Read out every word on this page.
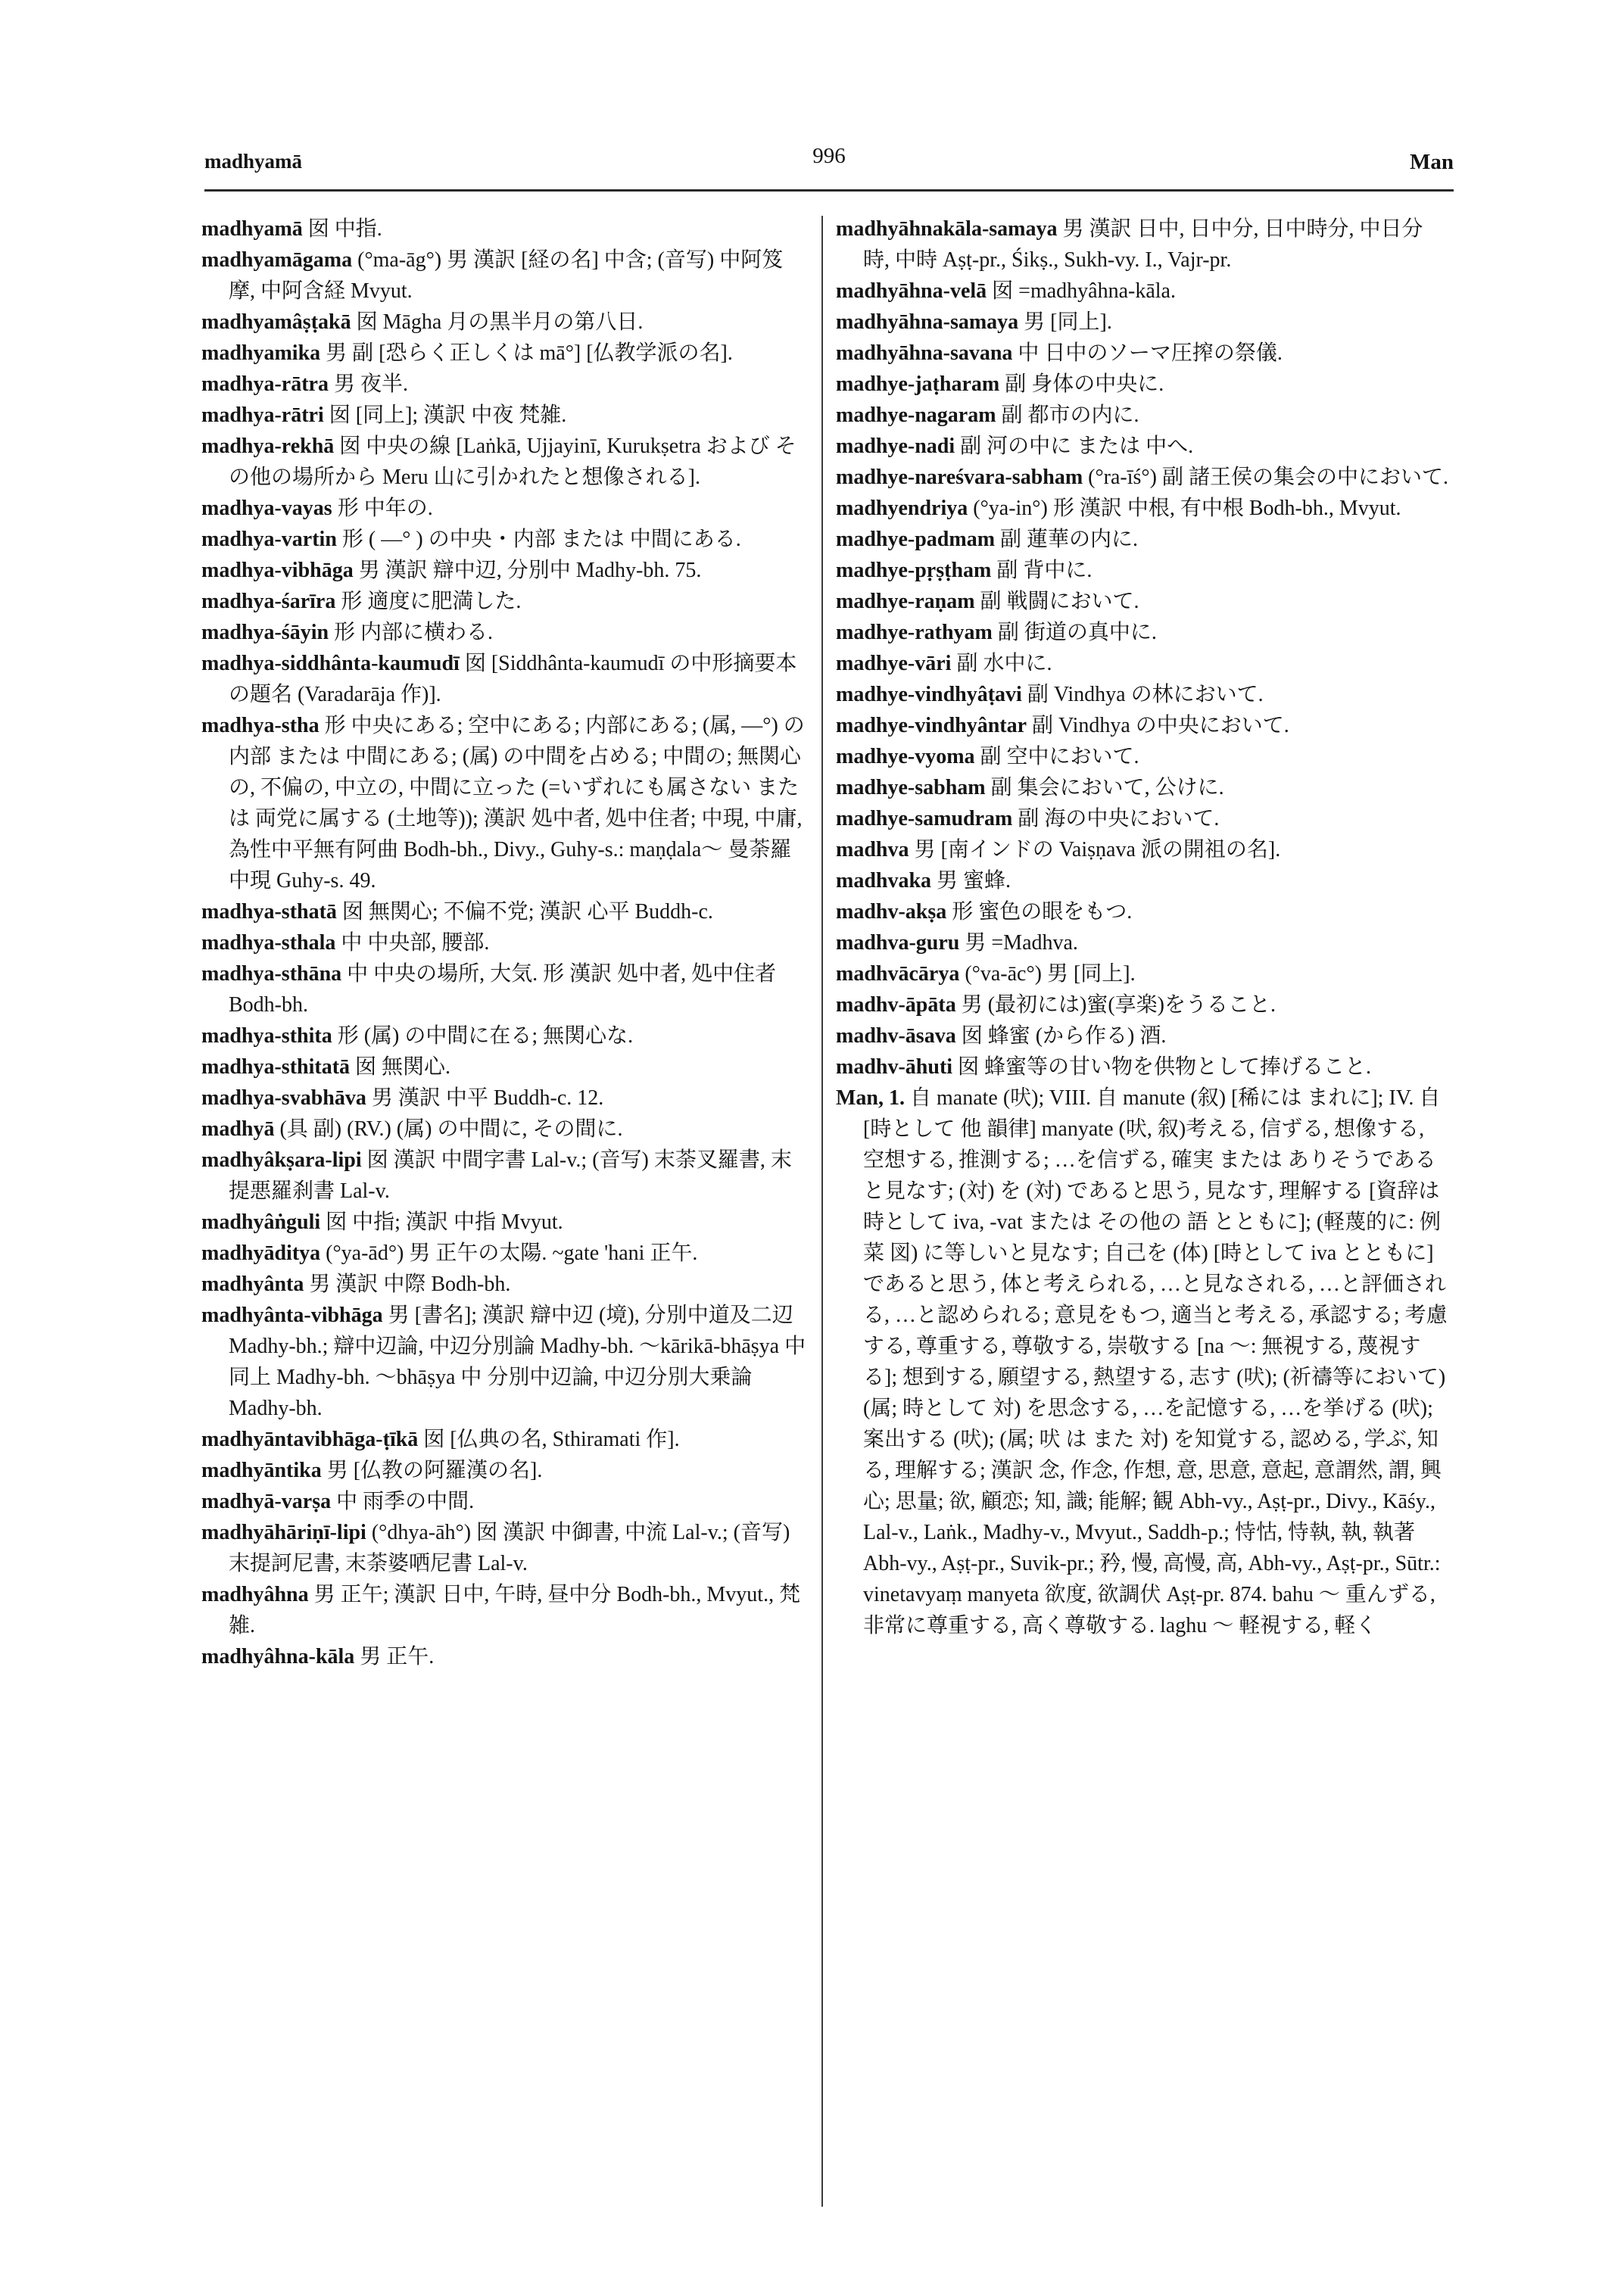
madhyamā	996	Man

madhyamā 囡 中指.

madhyamāgama (°ma-āg°) 男 漢訳 [経の名] 中含; (音写) 中阿笈摩, 中阿含経 Mvyut.

madhyamâṣṭakā 囡 Māgha 月の黒半月の第八日.

madhyamika 男 副 [恐らく正しくは mā°] [仏教学派の名].

madhya-rātra 男 夜半.

madhya-rātri 囡 [同上]; 漢訳 中夜 梵雑.

madhya-rekhā 囡 中央の線 [Laṅkā, Ujjayinī, Kurukṣetra および その他の場所から Meru 山に引かれたと想像される].

madhya-vayas 形 中年の.

madhya-vartin 形 ( —° ) の中央・内部 または 中間にある.

madhya-vibhāga 男 漢訳 辯中辺, 分別中 Madhy-bh. 75.

madhya-śarīra 形 適度に肥満した.

madhya-śāyin 形 内部に横わる.

madhya-siddhânta-kaumudī 囡 [Siddhânta-kaumudī の中形摘要本の題名 (Varadarāja 作)].

madhya-stha 形 中央にある; 空中にある; 内部にある; (属, —°) の内部 または 中間にある; (属) の中間を占める; 中間の; 無関心の, 不偏の, 中立の, 中間に立った (=いずれにも属さない または 両党に属する (土地等)); 漢訳 処中者, 処中住者; 中現, 中庸, 為性中平無有阿曲 Bodh-bh., Divy., Guhy-s.: maṇḍala～ 曼荼羅中現 Guhy-s. 49.

madhya-sthatā 囡 無関心; 不偏不党; 漢訳 心平 Buddh-c.

madhya-sthala 中 中央部, 腰部.

madhya-sthāna 中 中央の場所, 大気. 形 漢訳 処中者, 処中住者 Bodh-bh.

madhya-sthita 形 (属) の中間に在る; 無関心な.

madhya-sthitatā 囡 無関心.

madhya-svabhāva 男 漢訳 中平 Buddh-c. 12.

madhyā (具 副) (RV.) (属) の中間に, その間に.

madhyâkṣara-lipi 囡 漢訳 中間字書 Lal-v.; (音写) 末荼叉羅書, 末提悪羅刹書 Lal-v.

madhyâṅguli 囡 中指; 漢訳 中指 Mvyut.

madhyāditya (°ya-ād°) 男 正午の太陽. ~gate 'hani 正午.

madhyânta 男 漢訳 中際 Bodh-bh.

madhyânta-vibhāga 男 [書名]; 漢訳 辯中辺 (境), 分別中道及二辺 Madhy-bh.; 辯中辺論, 中辺分別論 Madhy-bh. ～kārikā-bhāṣya 中 同上 Madhy-bh. ～bhāṣya 中 分別中辺論, 中辺分別大乗論 Madhy-bh.

madhyāntavibhāga-ṭīkā 囡 [仏典の名, Sthiramati 作].

madhyāntika 男 [仏教の阿羅漢の名].

madhyā-varṣa 中 雨季の中間.

madhyāhāriṇī-lipi (°dhya-āh°) 囡 漢訳 中御書, 中流 Lal-v.; (音写) 末提訶尼書, 末荼婆哂尼書 Lal-v.

madhyâhna 男 正午; 漢訳 日中, 午時, 昼中分 Bodh-bh., Mvyut., 梵雑.

madhyâhna-kāla 男 正午.

madhyāhnakāla-samaya 男 漢訳 日中, 日中分, 日中時分, 中日分時, 中時 Aṣṭ-pr., Śikṣ., Sukh-vy. I., Vajr-pr.

madhyāhna-velā 囡 =madhyâhna-kāla.

madhyāhna-samaya 男 [同上].

madhyāhna-savana 中 日中のソーマ圧搾の祭儀.

madhye-jaṭharam 副 身体の中央に.

madhye-nagaram 副 都市の内に.

madhye-nadi 副 河の中に または 中へ.

madhye-nareśvara-sabham (°ra-īś°) 副 諸王侯の集会の中において.

madhyendriya (°ya-in°) 形 漢訳 中根, 有中根 Bodh-bh., Mvyut.

madhye-padmam 副 蓮華の内に.

madhye-pṛṣṭham 副 背中に.

madhye-raṇam 副 戦闘において.

madhye-rathyam 副 街道の真中に.

madhye-vāri 副 水中に.

madhye-vindhyâṭavi 副 Vindhya の林において.

madhye-vindhyântar 副 Vindhya の中央において.

madhye-vyoma 副 空中において.

madhye-sabham 副 集会において, 公けに.

madhye-samudram 副 海の中央において.

madhva 男 [南インドの Vaiṣṇava 派の開祖の名].

madhvaka 男 蜜蜂.

madhv-akṣa 形 蜜色の眼をもつ.

madhva-guru 男 =Madhva.

madhvācārya (°va-āc°) 男 [同上].

madhv-āpāta 男 (最初には)蜜(享楽)をうること.

madhv-āsava 囡 蜂蜜 (から作る) 酒.

madhv-āhuti 囡 蜂蜜等の甘い物を供物として捧げること.

Man, 1. 自 manate (吠); VIII. 自 manute (叙) [稀には まれに]; IV. 自 [時として 他 韻律] manyate (吠, 叙)考える, 信ずる, 想像する, 空想する, 推測する; …を信ずる, 確実 または ありそうであると見なす; (対) を (対) であると思う, 見なす, 理解する [資辞は 時として iva, -vat または その他の 語 とともに]; (軽蔑的に: 例 菜 図) に等しいと見なす; 自己を (体) [時として iva とともに] であると思う, 体と考えられる, …と見なされる, …と評価される, …と認められる; 意見をもつ, 適当と考える, 承認する; 考慮する, 尊重する, 尊敬する, 崇敬する [na ～: 無視する, 蔑視する]; 想到する, 願望する, 熱望する, 志す (吠); (祈禱等において) (属; 時として 対) を思念する, …を記憶する, …を挙げる (吠); 案出する (吠); (属; 吠 は また 対) を知覚する, 認める, 学ぶ, 知る, 理解する; 漢訳 念, 作念, 作想, 意, 思意, 意起, 意謂然, 謂, 興心; 思量; 欲, 顧恋; 知, 識; 能解; 観 Abh-vy., Aṣṭ-pr., Divy., Kāśy., Lal-v., Laṅk., Madhy-v., Mvyut., Saddh-p.; 恃怙, 恃執, 執, 執著 Abh-vy., Aṣṭ-pr., Suvik-pr.; 矜, 慢, 高慢, 高, Abh-vy., Aṣṭ-pr., Sūtr.: vinetavyaṃ manyeta 欲度, 欲調伏 Aṣṭ-pr. 874. bahu ～ 重んずる, 非常に尊重する, 高く尊敬する. laghu ～ 軽視する, 軽く
